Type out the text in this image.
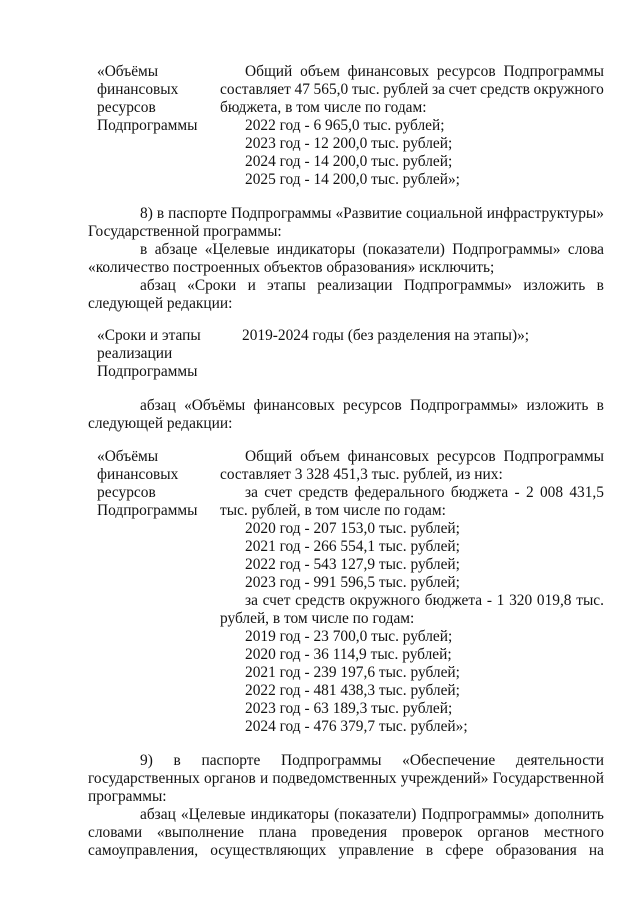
«Объёмы
финансовых
ресурсов
Подпрограммы
Общий объем финансовых ресурсов Подпрограммы
составляет 47 565,0 тыс. рублей за счет средств окружного
бюджета, в том числе по годам:
2022 год - 6 965,0 тыс. рублей;
2023 год - 12 200,0 тыс. рублей;
2024 год - 14 200,0 тыс. рублей;
2025 год - 14 200,0 тыс. рублей»;
8) в паспорте Подпрограммы «Развитие социальной инфраструктуры»
Государственной программы:
в абзаце «Целевые индикаторы (показатели) Подпрограммы» слова
«количество построенных объектов образования» исключить;
абзац «Сроки и этапы реализации Подпрограммы» изложить в
следующей редакции:
«Сроки и этапы
реализации
Подпрограммы
2019-2024 годы (без разделения на этапы)»;
абзац «Объёмы финансовых ресурсов Подпрограммы» изложить в
следующей редакции:
«Объёмы
финансовых
ресурсов
Подпрограммы
Общий объем финансовых ресурсов Подпрограммы
составляет 3 328 451,3 тыс. рублей, из них:
за счет средств федерального бюджета - 2 008 431,5
тыс. рублей, в том числе по годам:
2020 год - 207 153,0 тыс. рублей;
2021 год - 266 554,1 тыс. рублей;
2022 год - 543 127,9 тыс. рублей;
2023 год - 991 596,5 тыс. рублей;
за счет средств окружного бюджета - 1 320 019,8 тыс.
рублей, в том числе по годам:
2019 год - 23 700,0 тыс. рублей;
2020 год - 36 114,9 тыс. рублей;
2021 год - 239 197,6 тыс. рублей;
2022 год - 481 438,3 тыс. рублей;
2023 год - 63 189,3 тыс. рублей;
2024 год - 476 379,7 тыс. рублей»;
9) в паспорте Подпрограммы «Обеспечение деятельности
государственных органов и подведомственных учреждений» Государственной
программы:
абзац «Целевые индикаторы (показатели) Подпрограммы» дополнить
словами «выполнение плана проведения проверок органов местного
самоуправления, осуществляющих управление в сфере образования на
